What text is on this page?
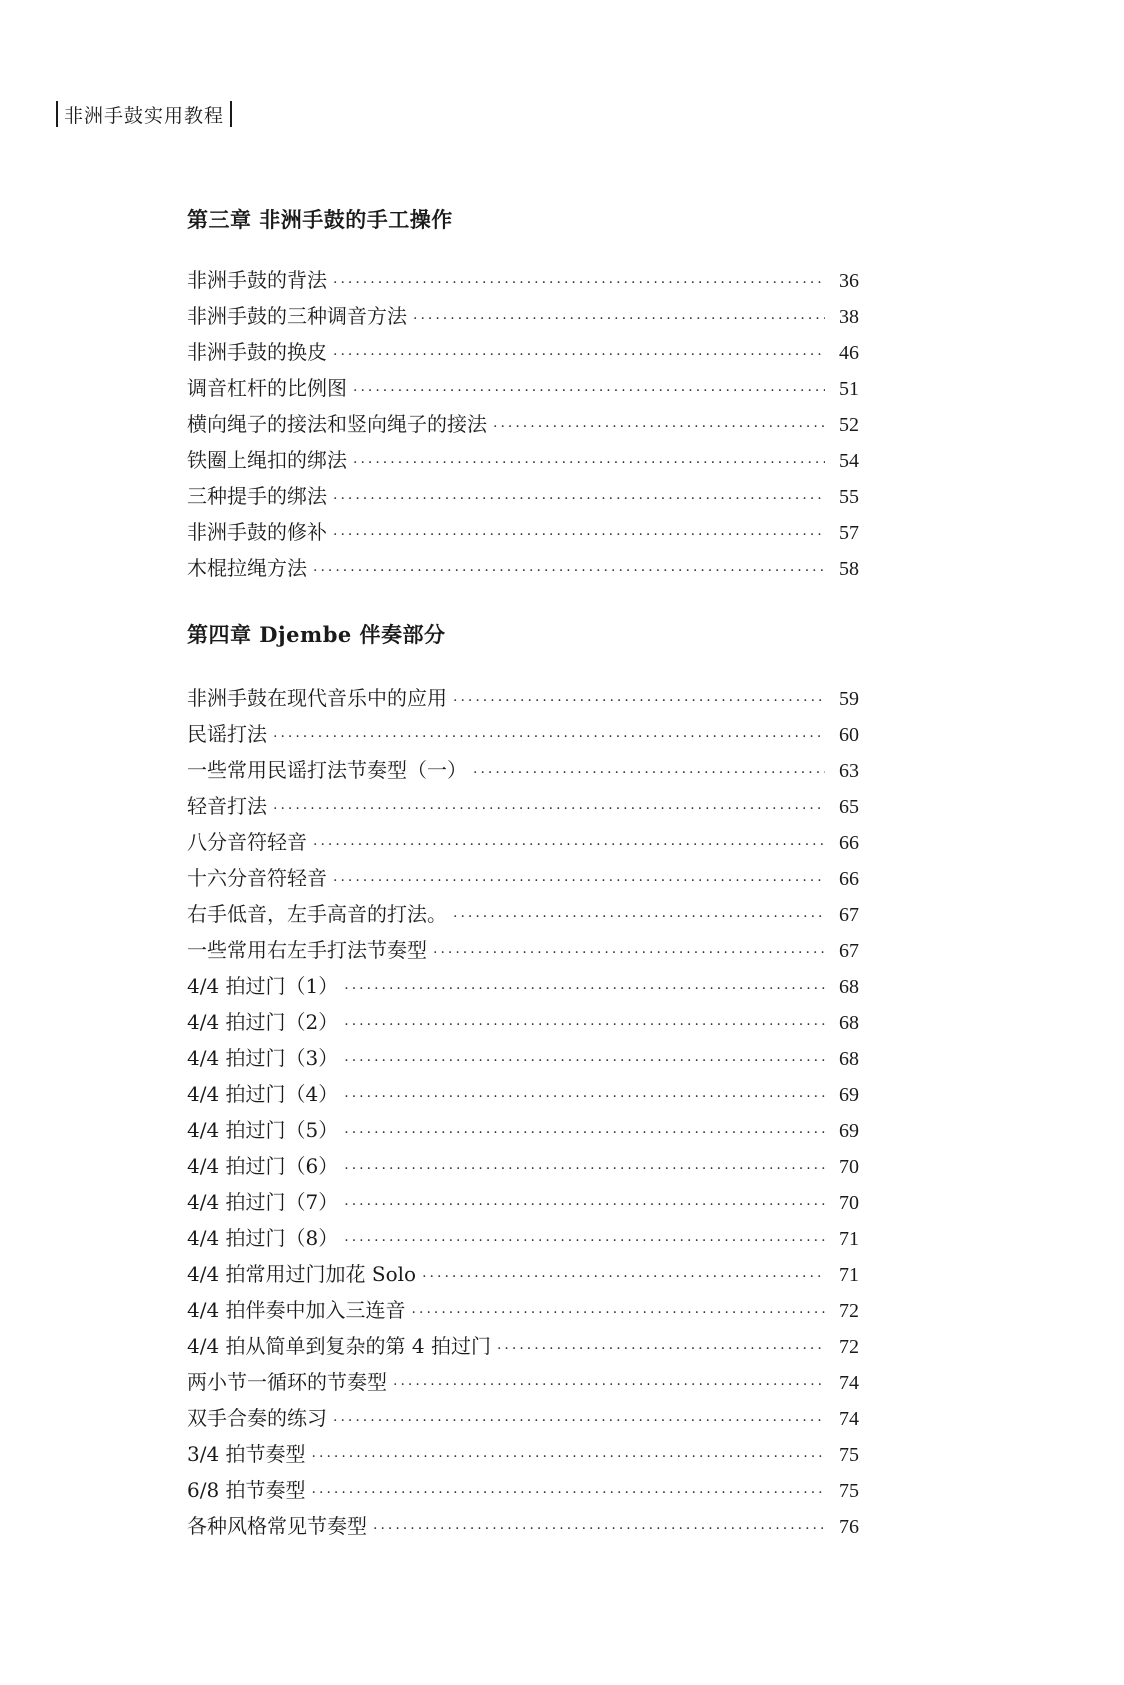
非洲手鼓实用教程
第三章 非洲手鼓的手工操作
非洲手鼓的背法 ·····	36
非洲手鼓的三种调音方法 ·····	38
非洲手鼓的换皮 ·····	46
调音杠杆的比例图 ·····	51
横向绳子的接法和竖向绳子的接法 ·····	52
铁圈上绳扣的绑法 ·····	54
三种提手的绑法 ·····	55
非洲手鼓的修补 ·····	57
木棍拉绳方法 ·····	58
第四章 Djembe 伴奏部分
非洲手鼓在现代音乐中的应用 ·····	59
民谣打法 ·····	60
一些常用民谣打法节奏型（一） ·····	63
轻音打法 ·····	65
八分音符轻音 ·····	66
十六分音符轻音 ·····	66
右手低音，左手高音的打法。 ·····	67
一些常用右左手打法节奏型 ·····	67
4/4 拍过门（1） ·····	68
4/4 拍过门（2） ·····	68
4/4 拍过门（3） ·····	68
4/4 拍过门（4） ·····	69
4/4 拍过门（5） ·····	69
4/4 拍过门（6） ·····	70
4/4 拍过门（7） ·····	70
4/4 拍过门（8） ·····	71
4/4 拍常用过门加花 Solo ·····	71
4/4 拍伴奏中加入三连音 ·····	72
4/4 拍从简单到复杂的第 4 拍过门 ·····	72
两小节一循环的节奏型 ·····	74
双手合奏的练习 ·····	74
3/4 拍节奏型 ·····	75
6/8 拍节奏型 ·····	75
各种风格常见节奏型 ·····	76
